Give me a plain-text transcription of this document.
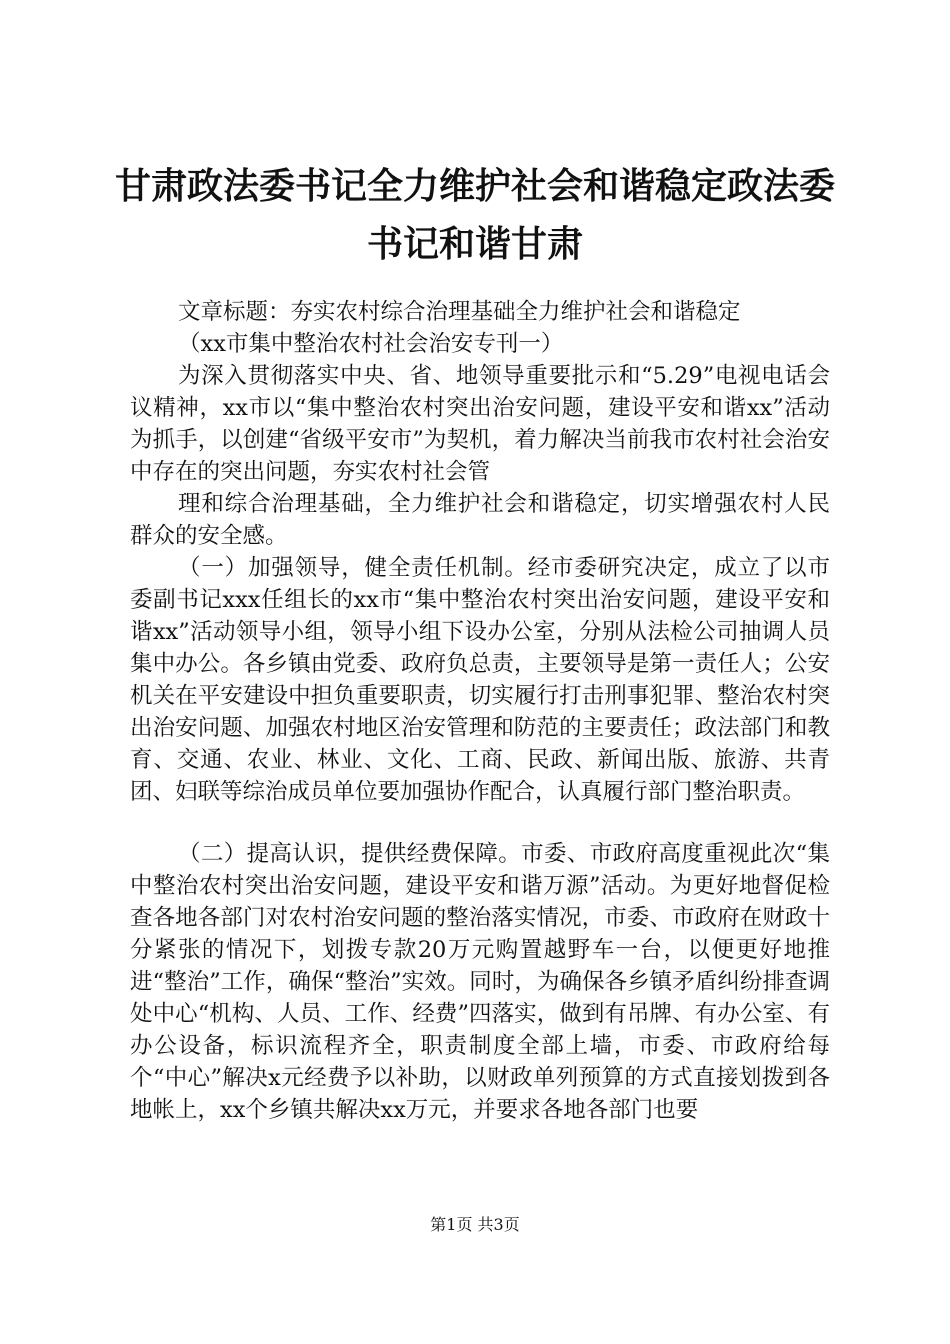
甘肃政法委书记全力维护社会和谐稳定政法委
书记和谐甘肃

文章标题：夯实农村综合治理基础全力维护社会和谐稳定

（xx市集中整治农村社会治安专刊一）

为深入贯彻落实中央、省、地领导重要批示和“5.29”电视电话会议精神，xx市以“集中整治农村突出治安问题，建设平安和谐xx”活动为抓手，以创建“省级平安市”为契机，着力解决当前我市农村社会治安中存在的突出问题，夯实农村社会管

理和综合治理基础，全力维护社会和谐稳定，切实增强农村人民群众的安全感。

（一）加强领导，健全责任机制。经市委研究决定，成立了以市委副书记xxx任组长的xx市“集中整治农村突出治安问题，建设平安和谐xx”活动领导小组，领导小组下设办公室，分别从法检公司抽调人员集中办公。各乡镇由党委、政府负总责，主要领导是第一责任人；公安机关在平安建设中担负重要职责，切实履行打击刑事犯罪、整治农村突出治安问题、加强农村地区治安管理和防范的主要责任；政法部门和教育、交通、农业、林业、文化、工商、民政、新闻出版、旅游、共青团、妇联等综治成员单位要加强协作配合，认真履行部门整治职责。

（二）提高认识，提供经费保障。市委、市政府高度重视此次“集中整治农村突出治安问题，建设平安和谐万源”活动。为更好地督促检查各地各部门对农村治安问题的整治落实情况，市委、市政府在财政十分紧张的情况下，划拨专款20万元购置越野车一台，以便更好地推进“整治”工作，确保“整治”实效。同时，为确保各乡镇矛盾纠纷排查调处中心“机构、人员、工作、经费”四落实，做到有吊牌、有办公室、有办公设备，标识流程齐全，职责制度全部上墙，市委、市政府给每个“中心”解决x元经费予以补助，以财政单列预算的方式直接划拨到各地帐上，xx个乡镇共解决xx万元，并要求各地各部门也要

第1页 共3页
